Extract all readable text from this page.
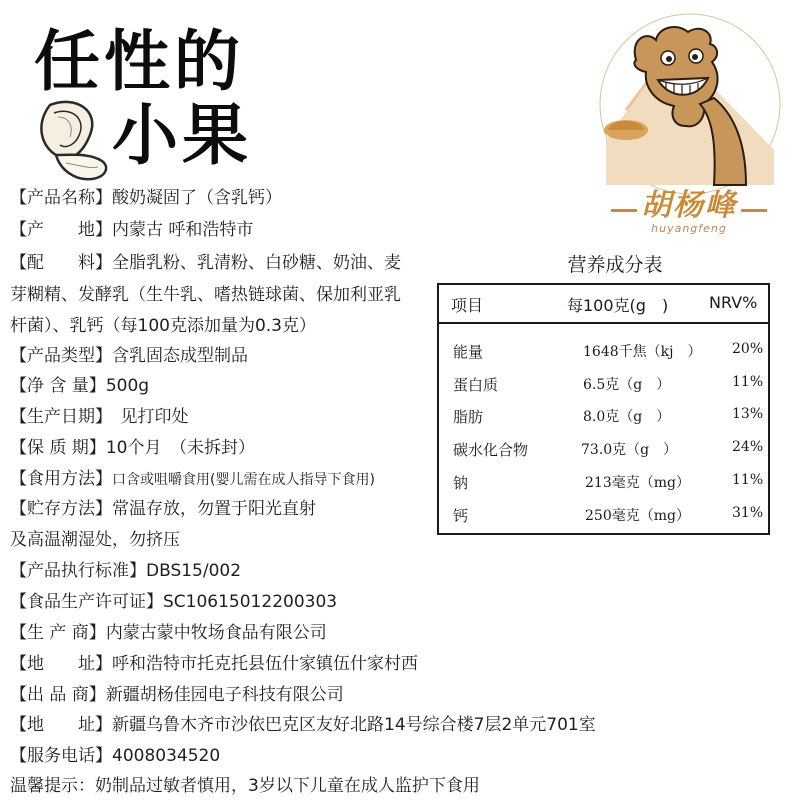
任性的
小果
胡杨峰
huyangfeng
【产品名称】酸奶凝固了（含乳钙）
【产　　地】内蒙古 呼和浩特市
【配　　料】全脂乳粉、乳清粉、白砂糖、奶油、麦
芽糊精、发酵乳（生牛乳、嗜热链球菌、保加利亚乳
杆菌）、乳钙（每100克添加量为0.3克）
【产品类型】含乳固态成型制品
【净 含 量】500g
【生产日期】　见打印处
【保 质 期】10个月　（未拆封）
【食用方法】口含或咀嚼食用(婴儿需在成人指导下食用)
【贮存方法】常温存放，勿置于阳光直射
及高温潮湿处，勿挤压
【产品执行标准】DBS15/002
【食品生产许可证】SC10615012200303
【生 产 商】内蒙古蒙中牧场食品有限公司
【地　　址】呼和浩特市托克托县伍什家镇伍什家村西
【出 品 商】新疆胡杨佳园电子科技有限公司
【地　　址】新疆乌鲁木齐市沙依巴克区友好北路14号综合楼7层2单元701室
【服务电话】4008034520
温馨提示：奶制品过敏者慎用，3岁以下儿童在成人监护下食用
营养成分表
项目	每100克(g　)	NRV%
能量	1648千焦（kj　） 20%
蛋白质	6.5克（g　）	11%
脂肪	8.0克（g　）	13%
碳水化合物	73.0克（g　）	24%
钠	213毫克（mg）	11%
钙	250毫克（mg）	31%
